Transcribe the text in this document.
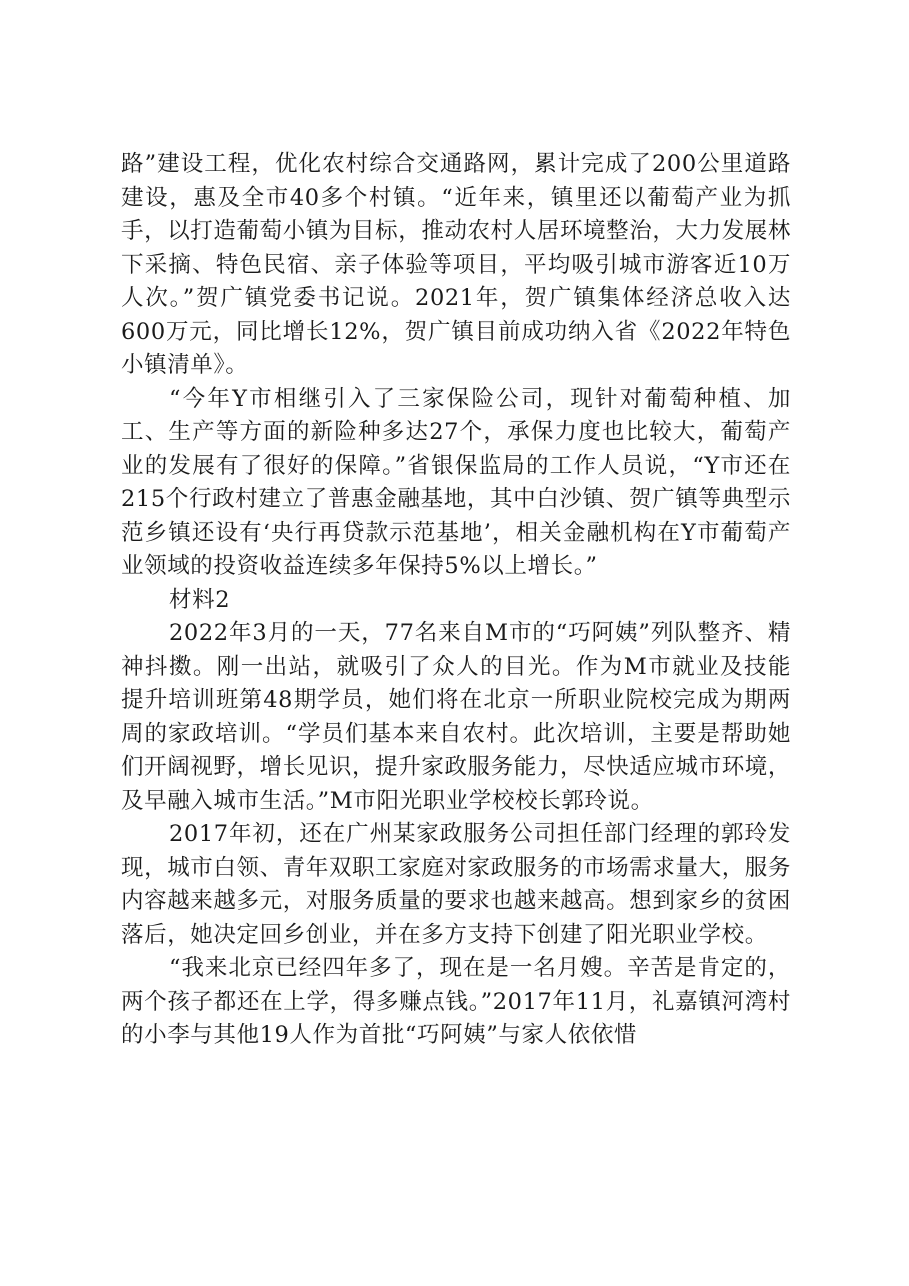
路”建设工程，优化农村综合交通路网，累计完成了200公里道路建设，惠及全市40多个村镇。“近年来，镇里还以葡萄产业为抓手，以打造葡萄小镇为目标，推动农村人居环境整治，大力发展林下采摘、特色民宿、亲子体验等项目，平均吸引城市游客近10万人次。”贺广镇党委书记说。2021年，贺广镇集体经济总收入达600万元，同比增长12%，贺广镇目前成功纳入省《2022年特色小镇清单》。

“今年Y市相继引入了三家保险公司，现针对葡萄种植、加工、生产等方面的新险种多达27个，承保力度也比较大，葡萄产业的发展有了很好的保障。”省银保监局的工作人员说，“Y市还在215个行政村建立了普惠金融基地，其中白沙镇、贺广镇等典型示范乡镇还设有‘央行再贷款示范基地’，相关金融机构在Y市葡萄产业领域的投资收益连续多年保持5%以上增长。”

材料2

2022年3月的一天，77名来自M市的“巧阿姨”列队整齐、精神抖擞。刚一出站，就吸引了众人的目光。作为M市就业及技能提升培训班第48期学员，她们将在北京一所职业院校完成为期两周的家政培训。“学员们基本来自农村。此次培训，主要是帮助她们开阔视野，增长见识，提升家政服务能力，尽快适应城市环境，及早融入城市生活。”M市阳光职业学校校长郭玲说。

2017年初，还在广州某家政服务公司担任部门经理的郭玲发现，城市白领、青年双职工家庭对家政服务的市场需求量大，服务内容越来越多元，对服务质量的要求也越来越高。想到家乡的贫困落后，她决定回乡创业，并在多方支持下创建了阳光职业学校。

“我来北京已经四年多了，现在是一名月嫂。辛苦是肯定的，两个孩子都还在上学，得多赚点钱。”2017年11月，礼嘉镇河湾村的小李与其他19人作为首批“巧阿姨”与家人依依惜
